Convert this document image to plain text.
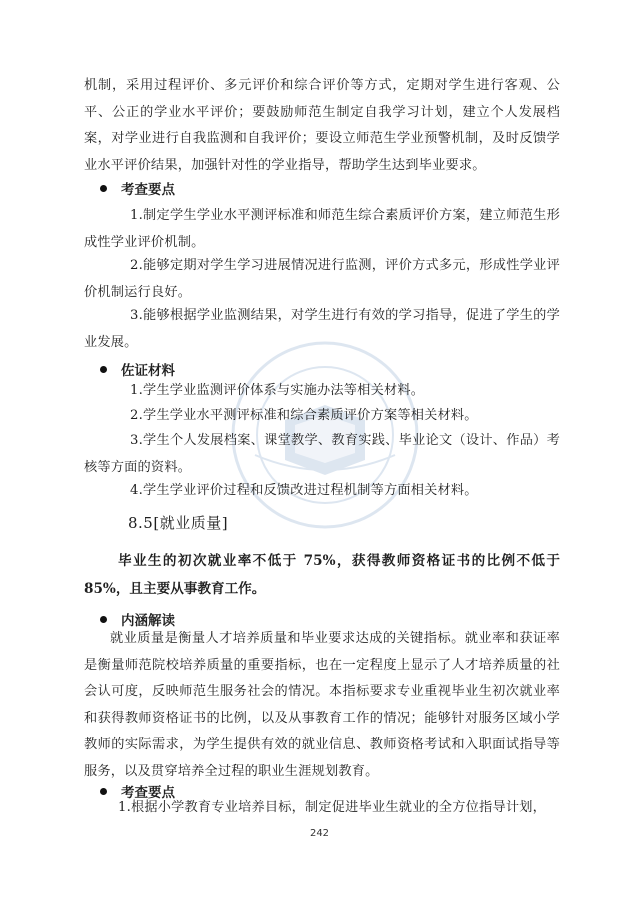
机制，采用过程评价、多元评价和综合评价等方式，定期对学生进行客观、公平、公正的学业水平评价；要鼓励师范生制定自我学习计划，建立个人发展档案，对学业进行自我监测和自我评价；要设立师范生学业预警机制，及时反馈学业水平评价结果，加强针对性的学业指导，帮助学生达到毕业要求。

考查要点

1.制定学生学业水平测评标准和师范生综合素质评价方案，建立师范生形成性学业评价机制。

2.能够定期对学生学习进展情况进行监测，评价方式多元，形成性学业评价机制运行良好。

3.能够根据学业监测结果，对学生进行有效的学习指导，促进了学生的学业发展。

佐证材料

1.学生学业监测评价体系与实施办法等相关材料。

2.学生学业水平测评标准和综合素质评价方案等相关材料。

3.学生个人发展档案、课堂教学、教育实践、毕业论文（设计、作品）考核等方面的资料。

4.学生学业评价过程和反馈改进过程机制等方面相关材料。

8.5[就业质量]

毕业生的初次就业率不低于 75%，获得教师资格证书的比例不低于 85%，且主要从事教育工作。

内涵解读

就业质量是衡量人才培养质量和毕业要求达成的关键指标。就业率和获证率是衡量师范院校培养质量的重要指标，也在一定程度上显示了人才培养质量的社会认可度，反映师范生服务社会的情况。本指标要求专业重视毕业生初次就业率和获得教师资格证书的比例，以及从事教育工作的情况；能够针对服务区域小学教师的实际需求，为学生提供有效的就业信息、教师资格考试和入职面试指导等服务，以及贯穿培养全过程的职业生涯规划教育。

考查要点

1.根据小学教育专业培养目标，制定促进毕业生就业的全方位指导计划，

242
